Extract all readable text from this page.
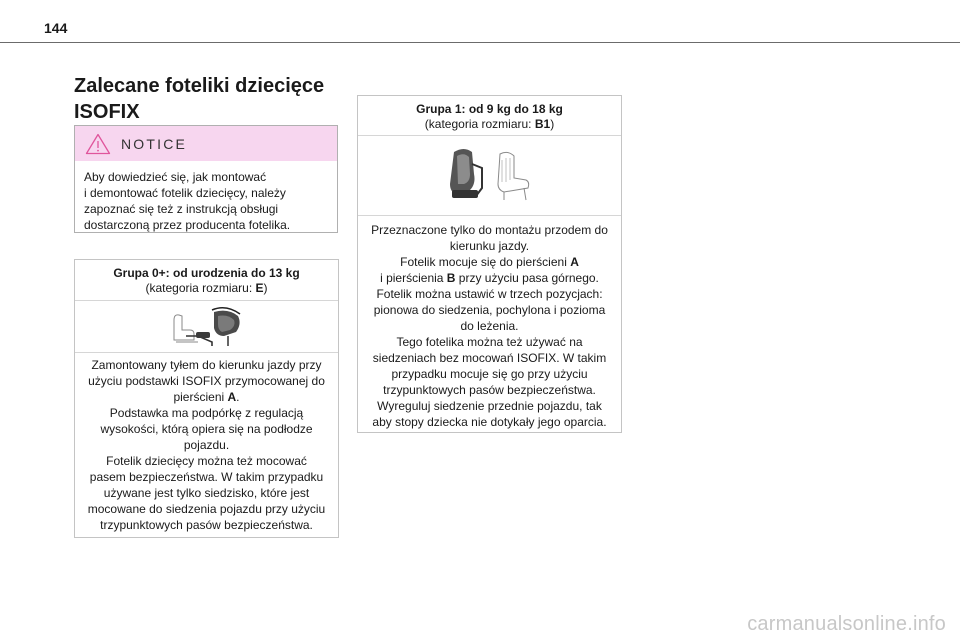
144
Zalecane foteliki dziecięce
ISOFIX
NOTICE
Aby dowiedzieć się, jak montować
i demontować fotelik dziecięcy, należy
zapoznać się też z instrukcją obsługi
dostarczoną przez producenta fotelika.
Grupa 0+: od urodzenia do 13 kg
(kategoria rozmiaru: E)

Zamontowany tyłem do kierunku jazdy przy

użyciu podstawki ISOFIX przymocowanej do

pierścieni A.

Podstawka ma podpórkę z regulacją

wysokości, którą opiera się na podłodze

pojazdu.

Fotelik dziecięcy można też mocować

pasem bezpieczeństwa. W takim przypadku

używane jest tylko siedzisko, które jest

mocowane do siedzenia pojazdu przy użyciu

trzypunktowych pasów bezpieczeństwa.

Grupa 1: od 9 kg do 18 kg
(kategoria rozmiaru: B1)

Przeznaczone tylko do montażu przodem do

kierunku jazdy.

Fotelik mocuje się do pierścieni A

i pierścienia B przy użyciu pasa górnego.

Fotelik można ustawić w trzech pozycjach:

pionowa do siedzenia, pochylona i pozioma

do leżenia.

Tego fotelika można też używać na

siedzeniach bez mocowań ISOFIX. W takim

przypadku mocuje się go przy użyciu

trzypunktowych pasów bezpieczeństwa.

Wyreguluj siedzenie przednie pojazdu, tak

aby stopy dziecka nie dotykały jego oparcia.

carmanualsonline.info
